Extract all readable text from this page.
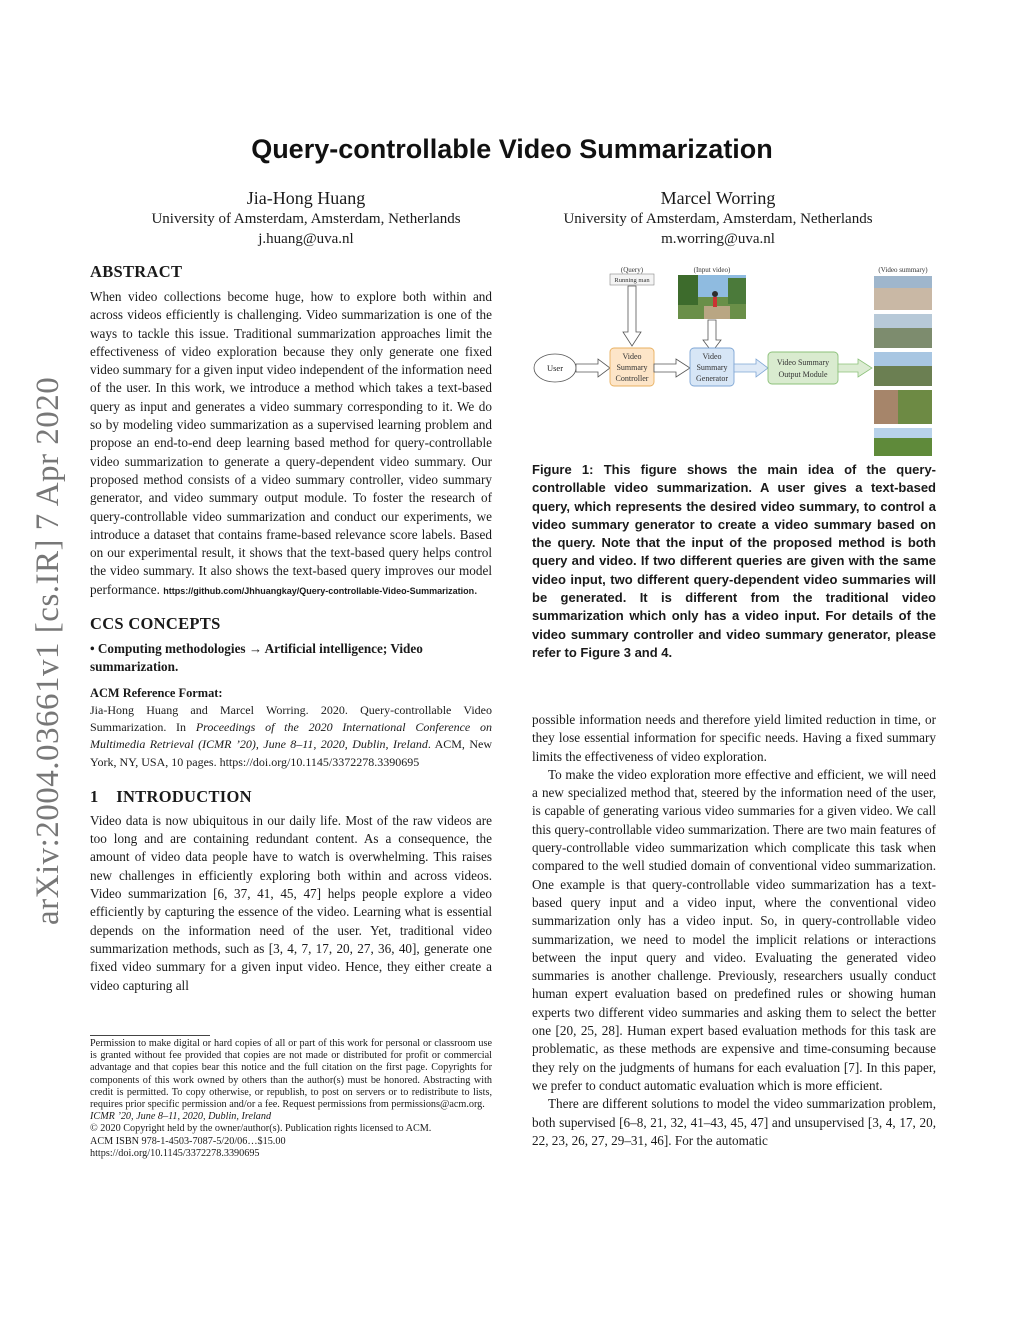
Query-controllable Video Summarization
Jia-Hong Huang
University of Amsterdam, Amsterdam, Netherlands
j.huang@uva.nl
Marcel Worring
University of Amsterdam, Amsterdam, Netherlands
m.worring@uva.nl
arXiv:2004.03661v1 [cs.IR] 7 Apr 2020
ABSTRACT

When video collections become huge, how to explore both within and across videos efficiently is challenging. Video summarization is one of the ways to tackle this issue. Traditional summarization approaches limit the effectiveness of video exploration because they only generate one fixed video summary for a given input video independent of the information need of the user. In this work, we introduce a method which takes a text-based query as input and generates a video summary corresponding to it. We do so by modeling video summarization as a supervised learning problem and propose an end-to-end deep learning based method for query-controllable video summarization to generate a query-dependent video summary. Our proposed method consists of a video summary controller, video summary generator, and video summary output module. To foster the research of query-controllable video summarization and conduct our experiments, we introduce a dataset that contains frame-based relevance score labels. Based on our experimental result, it shows that the text-based query helps control the video summary. It also shows the text-based query improves our model performance. https://github.com/Jhhuangkay/Query-controllable-Video-Summarization.

CCS CONCEPTS

• Computing methodologies → Artificial intelligence; Video summarization.

ACM Reference Format:

Jia-Hong Huang and Marcel Worring. 2020. Query-controllable Video Summarization. In Proceedings of the 2020 International Conference on Multimedia Retrieval (ICMR ’20), June 8–11, 2020, Dublin, Ireland. ACM, New York, NY, USA, 10 pages. https://doi.org/10.1145/3372278.3390695

1    INTRODUCTION

Video data is now ubiquitous in our daily life. Most of the raw videos are too long and are containing redundant content. As a consequence, the amount of video data people have to watch is overwhelming. This raises new challenges in efficiently exploring both within and across videos. Video summarization [6, 37, 41, 45, 47] helps people explore a video efficiently by capturing the essence of the video. Learning what is essential depends on the information need of the user. Yet, traditional video summarization methods, such as [3, 4, 7, 17, 20, 27, 36, 40], generate one fixed video summary for a given input video. Hence, they either create a video capturing all

Permission to make digital or hard copies of all or part of this work for personal or classroom use is granted without fee provided that copies are not made or distributed for profit or commercial advantage and that copies bear this notice and the full citation on the first page. Copyrights for components of this work owned by others than the author(s) must be honored. Abstracting with credit is permitted. To copy otherwise, or republish, to post on servers or to redistribute to lists, requires prior specific permission and/or a fee. Request permissions from permissions@acm.org.

ICMR ’20, June 8–11, 2020, Dublin, Ireland

© 2020 Copyright held by the owner/author(s). Publication rights licensed to ACM.

ACM ISBN 978-1-4503-7087-5/20/06…$15.00

https://doi.org/10.1145/3372278.3390695

(Query)
Running man
(Input video)	(Video summary)
User
Video
Summary
Controller
Video
Summary
Generator
Video Summary
Output Module

Figure 1: This figure shows the main idea of the query-controllable video summarization. A user gives a text-based query, which represents the desired video summary, to control a video summary generator to create a video summary based on the query. Note that the input of the proposed method is both query and video. If two different queries are given with the same video input, two different query-dependent video summaries will be generated. It is different from the traditional video summarization which only has a video input. For details of the video summary controller and video summary generator, please refer to Figure 3 and 4.

possible information needs and therefore yield limited reduction in time, or they lose essential information for specific needs. Having a fixed summary limits the effectiveness of video exploration.

To make the video exploration more effective and efficient, we will need a new specialized method that, steered by the information need of the user, is capable of generating various video summaries for a given video. We call this query-controllable video summarization. There are two main features of query-controllable video summarization which complicate this task when compared to the well studied domain of conventional video summarization. One example is that query-controllable video summarization has a text-based query input and a video input, where the conventional video summarization only has a video input. So, in query-controllable video summarization, we need to model the implicit relations or interactions between the input query and video. Evaluating the generated video summaries is another challenge. Previously, researchers usually conduct human expert evaluation based on predefined rules or showing human experts two different video summaries and asking them to select the better one [20, 25, 28]. Human expert based evaluation methods for this task are problematic, as these methods are expensive and time-consuming because they rely on the judgments of humans for each evaluation [7]. In this paper, we prefer to conduct automatic evaluation which is more efficient.

There are different solutions to model the video summarization problem, both supervised [6–8, 21, 32, 41–43, 45, 47] and unsupervised [3, 4, 17, 20, 22, 23, 26, 27, 29–31, 46]. For the automatic
